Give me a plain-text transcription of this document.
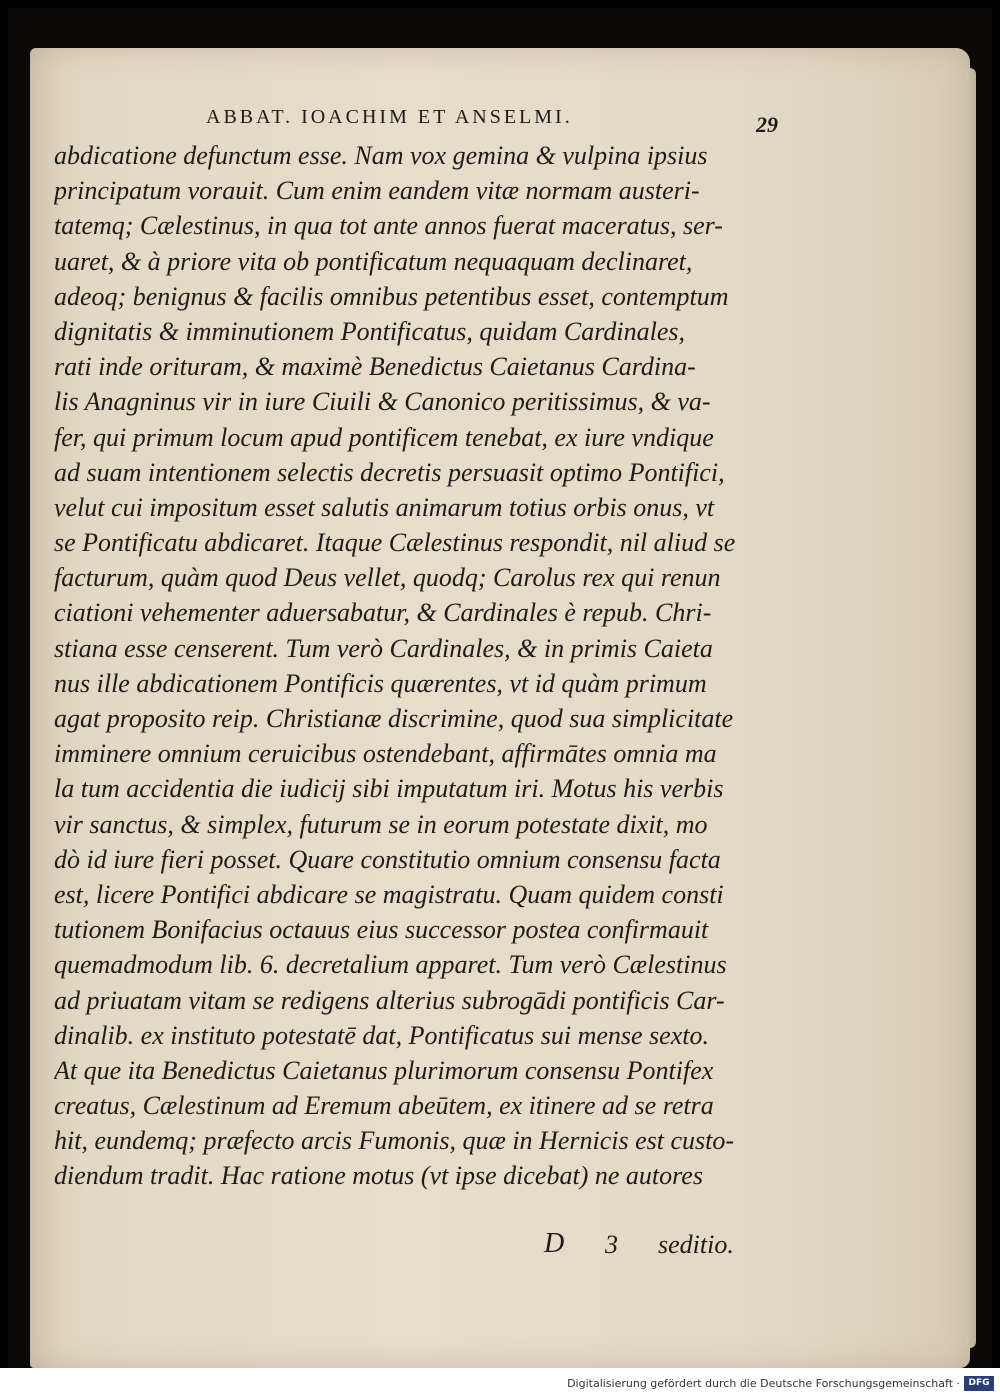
ABBAT. IOACHIM ET ANSELMI.	29
abdicatione defunctum esse. Nam vox gemina & vulpina ipsius
principatum vorauit. Cum enim eandem vitæ normam austeri-
tatemq; Cælestinus, in qua tot ante annos fuerat maceratus, ser-
uaret, & à priore vita ob pontificatum nequaquam declinaret,
adeoq; benignus & facilis omnibus petentibus esset, contemptum
dignitatis & imminutionem Pontificatus, quidam Cardinales,
rati inde orituram, & maximè Benedictus Caietanus Cardina-
lis Anagninus vir in iure Ciuili & Canonico peritissimus, & va-
fer, qui primum locum apud pontificem tenebat, ex iure vndique
ad suam intentionem selectis decretis persuasit optimo Pontifici,
velut cui impositum esset salutis animarum totius orbis onus, vt
se Pontificatu abdicaret. Itaque Cælestinus respondit, nil aliud se
facturum, quàm quod Deus vellet, quodq; Carolus rex qui renun
ciationi vehementer aduersabatur, & Cardinales è repub. Chri-
stiana esse censerent. Tum verò Cardinales, & in primis Caieta
nus ille abdicationem Pontificis quærentes, vt id quàm primum
agat proposito reip. Christianæ discrimine, quod sua simplicitate
imminere omnium ceruicibus ostendebant, affirmātes omnia ma
la tum accidentia die iudicij sibi imputatum iri. Motus his verbis
vir sanctus, & simplex, futurum se in eorum potestate dixit, mo
dò id iure fieri posset. Quare constitutio omnium consensu facta
est, licere Pontifici abdicare se magistratu. Quam quidem consti
tutionem Bonifacius octauus eius successor postea confirmauit
quemadmodum lib. 6. decretalium apparet. Tum verò Cælestinus
ad priuatam vitam se redigens alterius subrogādi pontificis Car-
dinalib. ex instituto potestatē dat, Pontificatus sui mense sexto.
At que ita Benedictus Caietanus plurimorum consensu Pontifex
creatus, Cælestinum ad Eremum abeūtem, ex itinere ad se retra
hit, eundemq; præfecto arcis Fumonis, quæ in Hernicis est custo-
diendum tradit. Hac ratione motus (vt ipse dicebat) ne autores
D 3 seditio.
Digitalisierung gefördert durch die Deutsche Forschungsgemeinschaft · DFG
